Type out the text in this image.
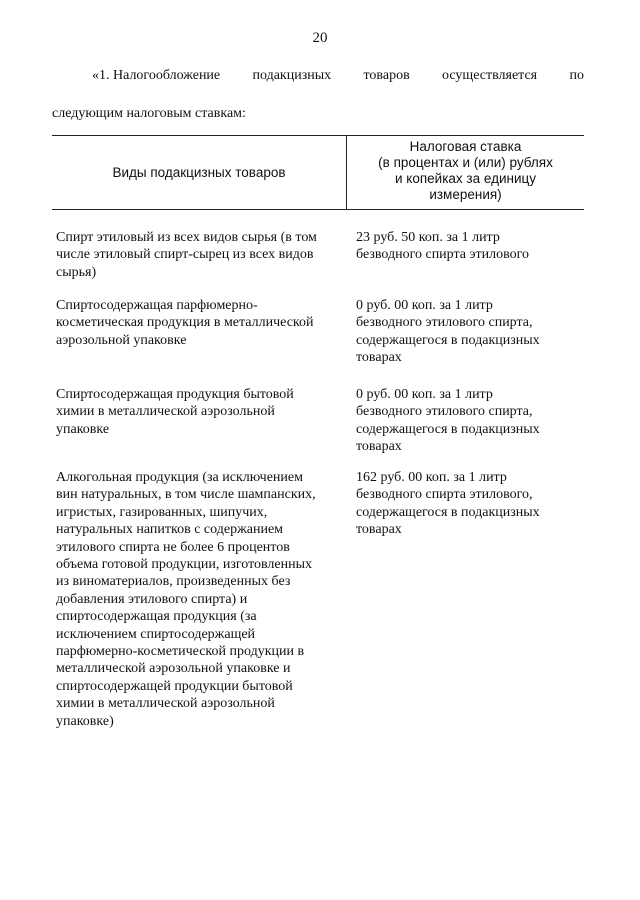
20
«1. Налогообложение подакцизных товаров осуществляется по
следующим налоговым ставкам:
Виды подакцизных товаров
Налоговая ставка
(в процентах и (или) рублях
и копейках за единицу
измерения)
Спирт этиловый из всех видов сырья (в том
числе этиловый спирт-сырец из всех видов
сырья)
23 руб. 50 коп. за 1 литр
безводного спирта этилового
Спиртосодержащая парфюмерно-
косметическая продукция в металлической
аэрозольной упаковке
0 руб. 00 коп. за 1 литр
безводного этилового спирта,
содержащегося в подакцизных
товарах
Спиртосодержащая продукция бытовой
химии в металлической аэрозольной
упаковке
0 руб. 00 коп. за 1 литр
безводного этилового спирта,
содержащегося в подакцизных
товарах
Алкогольная продукция (за исключением
вин натуральных, в том числе шампанских,
игристых, газированных, шипучих,
натуральных напитков с содержанием
этилового спирта не более 6 процентов
объема готовой продукции, изготовленных
из виноматериалов, произведенных без
добавления этилового спирта) и
спиртосодержащая продукция (за
исключением спиртосодержащей
парфюмерно-косметической продукции в
металлической аэрозольной упаковке и
спиртосодержащей продукции бытовой
химии в металлической аэрозольной
упаковке)
162 руб. 00 коп. за 1 литр
безводного спирта этилового,
содержащегося в подакцизных
товарах
